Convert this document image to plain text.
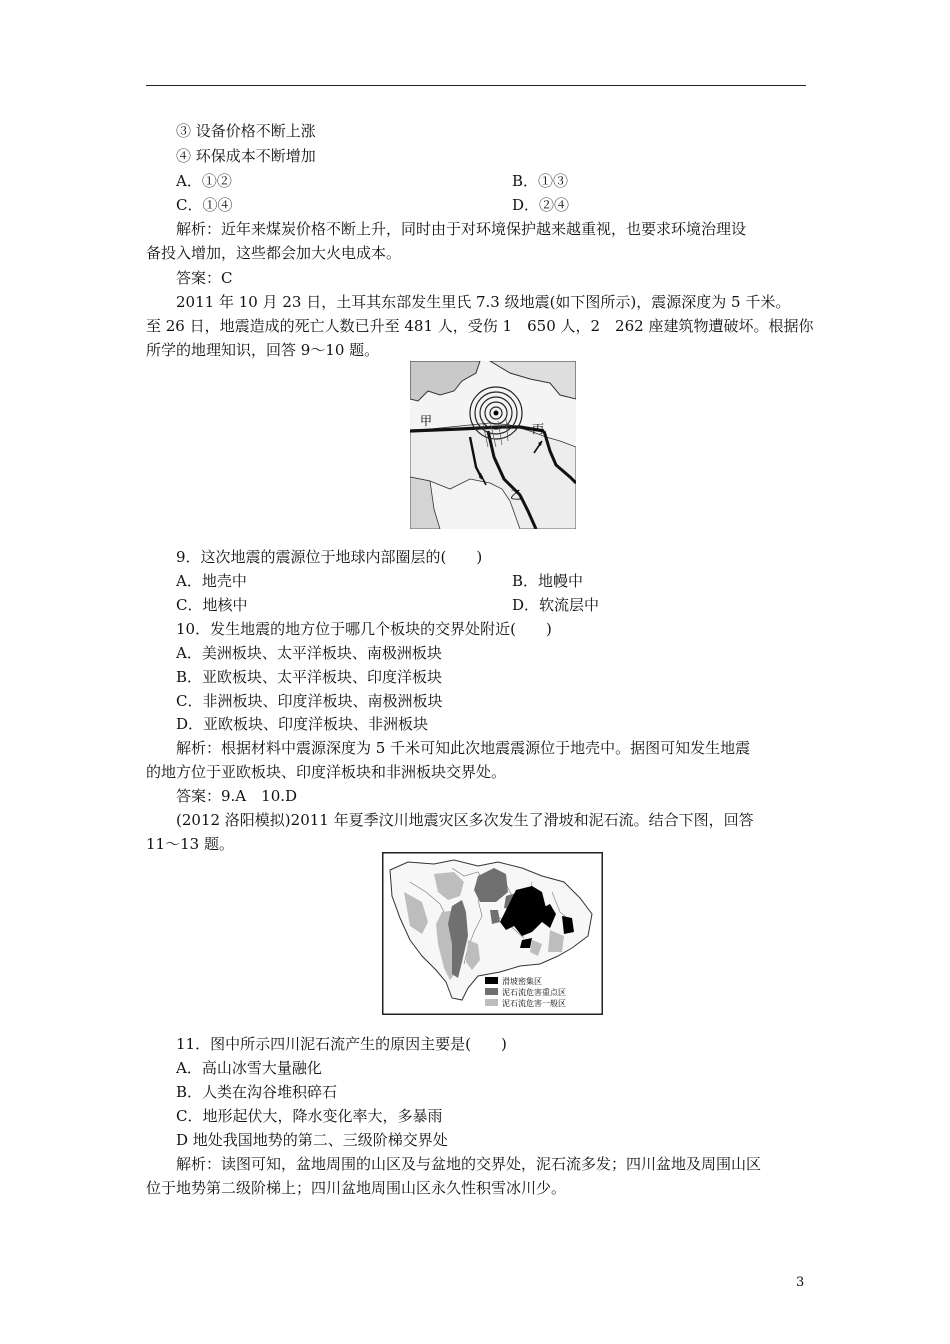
③ 设备价格不断上涨
④ 环保成本不断增加
A．①②	B．①③
C．①④	D．②④
解析：近年来煤炭价格不断上升，同时由于对环境保护越来越重视，也要求环境治理设
备投入增加，这些都会加大火电成本。
答案：C
2011 年 10 月 23 日，土耳其东部发生里氏 7.3 级地震(如下图所示)，震源深度为 5 千米。
至 26 日，地震造成的死亡人数已升至 481 人，受伤 1　650 人，2　262 座建筑物遭破坏。根据你
所学的地理知识，回答 9～10 题。
甲
乙
丙
9．这次地震的震源位于地球内部圈层的(　　)
A．地壳中	B．地幔中
C．地核中	D．软流层中
10．发生地震的地方位于哪几个板块的交界处附近(　　)
A．美洲板块、太平洋板块、南极洲板块
B．亚欧板块、太平洋板块、印度洋板块
C．非洲板块、印度洋板块、南极洲板块
D．亚欧板块、印度洋板块、非洲板块
解析：根据材料中震源深度为 5 千米可知此次地震震源位于地壳中。据图可知发生地震
的地方位于亚欧板块、印度洋板块和非洲板块交界处。
答案：9.A　10.D
(2012 洛阳模拟)2011 年夏季汶川地震灾区多次发生了滑坡和泥石流。结合下图，回答
11～13 题。
滑坡密集区
泥石流危害重点区
泥石流危害一般区
11．图中所示四川泥石流产生的原因主要是(　　)
A．高山冰雪大量融化
B．人类在沟谷堆积碎石
C．地形起伏大，降水变化率大，多暴雨
D 地处我国地势的第二、三级阶梯交界处
解析：读图可知，盆地周围的山区及与盆地的交界处，泥石流多发；四川盆地及周围山区
位于地势第二级阶梯上；四川盆地周围山区永久性积雪冰川少。
3
